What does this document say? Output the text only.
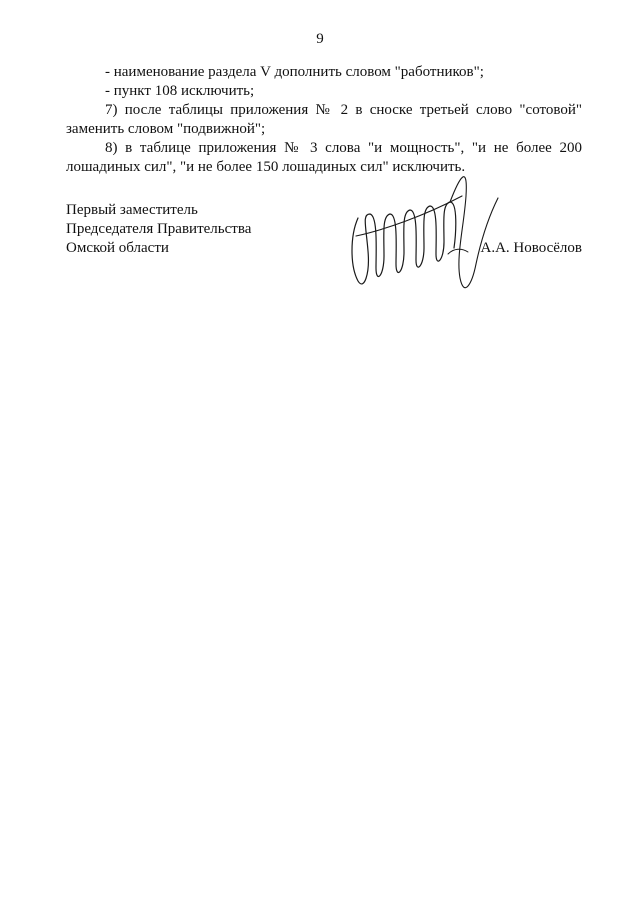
9

- наименование раздела V дополнить словом "работников";

- пункт 108 исключить;

7) после таблицы приложения № 2 в сноске третьей слово "сотовой" заменить словом "подвижной";

8) в таблице приложения № 3 слова "и мощность", "и не более 200 лошадиных сил", "и не более 150 лошадиных сил" исключить.

Первый заместитель
Председателя Правительства
Омской области	А.А. Новосёлов
